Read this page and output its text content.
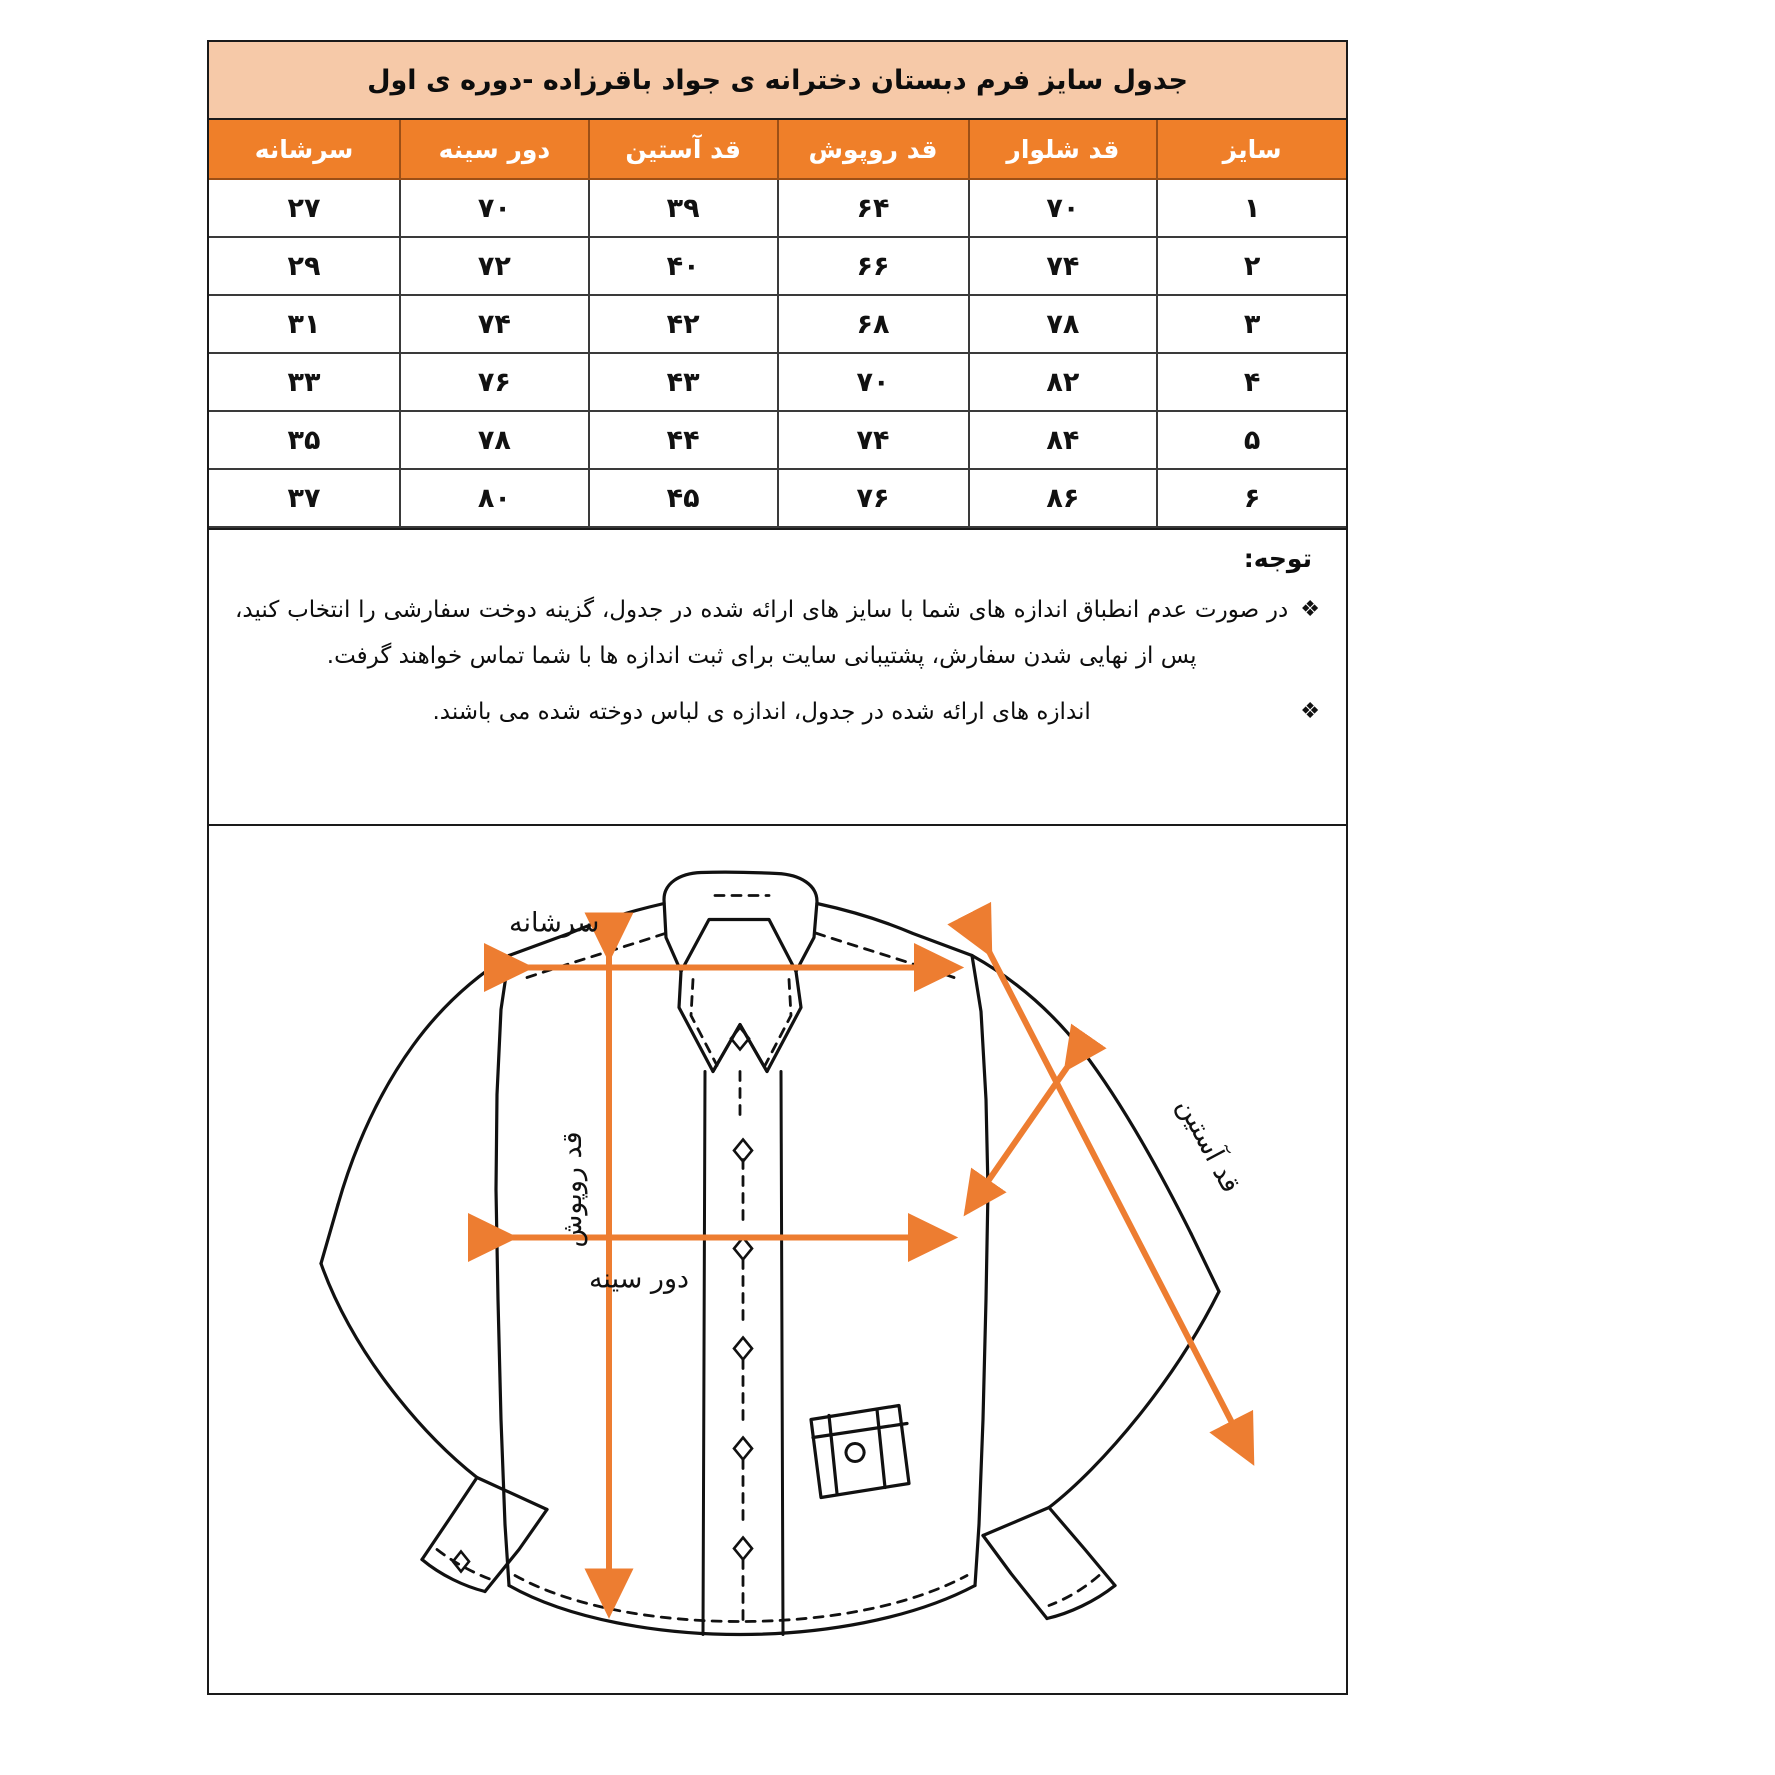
جدول سایز فرم دبستان دخترانه ی جواد باقرزاده -دوره ی اول
سایز	قد شلوار	قد روپوش	قد آستین	دور سینه	سرشانه
۱	۷۰	۶۴	۳۹	۷۰	۲۷
۲	۷۴	۶۶	۴۰	۷۲	۲۹
۳	۷۸	۶۸	۴۲	۷۴	۳۱
۴	۸۲	۷۰	۴۳	۷۶	۳۳
۵	۸۴	۷۴	۴۴	۷۸	۳۵
۶	۸۶	۷۶	۴۵	۸۰	۳۷
توجه:
❖
در صورت عدم انطباق اندازه های شما با سایز های ارائه شده در جدول، گزینه دوخت سفارشی را انتخاب کنید، پس از نهایی شدن سفارش، پشتیبانی سایت برای ثبت اندازه ها با شما تماس خواهند گرفت.
❖
اندازه های ارائه شده در جدول، اندازه ی لباس دوخته شده می باشند.
سرشانه
قد روپوش
دور سینه
قد آستین
